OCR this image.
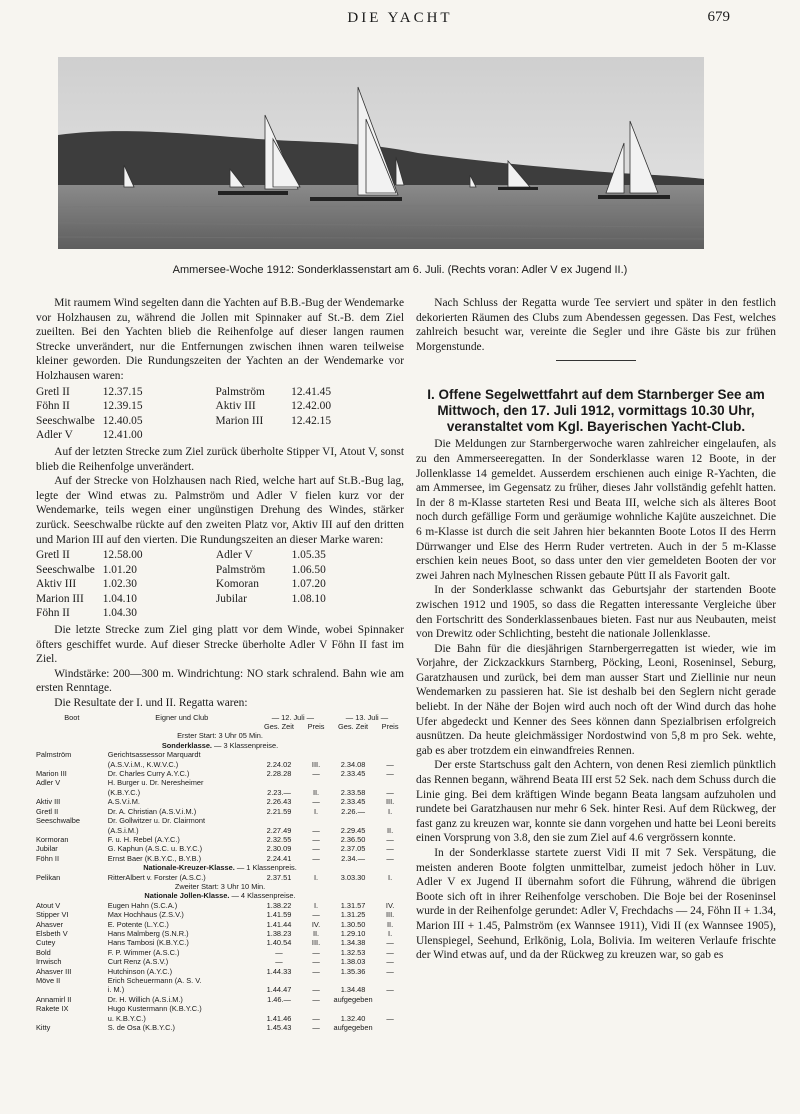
DIE YACHT	679
Ammersee-Woche 1912: Sonderklassenstart am 6. Juli. (Rechts voran: Adler V ex Jugend II.)

Mit raumem Wind segelten dann die Yachten auf B.B.-Bug der Wendemarke vor Holzhausen zu, während die Jollen mit Spinnaker auf St.-B. dem Ziel zueilten. Bei den Yachten blieb die Reihenfolge auf dieser langen raumen Strecke unverändert, nur die Entfernungen zwischen ihnen waren teilweise kleiner geworden. Die Rundungszeiten der Yachten an der Wendemarke vor Holzhausen waren:

Gretl II	12.37.15	Palmström	12.41.45
Föhn II	12.39.15	Aktiv III	12.42.00
Seeschwalbe	12.40.05	Marion III	12.42.15
Adler V	12.41.00		

Auf der letzten Strecke zum Ziel zurück überholte Stipper VI, Atout V, sonst blieb die Reihenfolge unverändert.

Auf der Strecke von Holzhausen nach Ried, welche hart auf St.B.-Bug lag, legte der Wind etwas zu. Palmström und Adler V fielen kurz vor der Wendemarke, teils wegen einer ungünstigen Drehung des Windes, stärker zurück. Seeschwalbe rückte auf den zweiten Platz vor, Aktiv III auf den dritten und Marion III auf den vierten. Die Rundungszeiten an dieser Marke waren:

Gretl II	12.58.00	Adler V	1.05.35
Seeschwalbe	1.01.20	Palmström	1.06.50
Aktiv III	1.02.30	Komoran	1.07.20
Marion III	1.04.10	Jubilar	1.08.10
Föhn II	1.04.30		

Die letzte Strecke zum Ziel ging platt vor dem Winde, wobei Spinnaker öfters geschiffet wurde. Auf dieser Strecke überholte Adler V Föhn II fast im Ziel.

Windstärke: 200—300 m. Windrichtung: NO stark schralend. Bahn wie am ersten Renntage.

Die Resultate der I. und II. Regatta waren:

Boot	Eigner und Club	— 12. Juli —		— 13. Juli —	
		Ges. Zeit	Preis	Ges. Zeit	Preis
Erster Start: 3 Uhr 05 Min.					
Sonderklasse. — 3 Klassenpreise.					
Palmström	Gerichtsassessor Marquardt				
	(A.S.V.i.M., K.W.V.C.)	2.24.02	III.	2.34.08	—
Marion III	Dr. Charles Curry A.Y.C.)	2.28.28	—	2.33.45	—
Adler V	H. Burger u. Dr. Neresheimer				
	(K.B.Y.C.)	2.23.—	II.	2.33.58	—
Aktiv III	A.S.V.i.M.	2.26.43	—	2.33.45	III.
Gretl II	Dr. A. Christian (A.S.V.i.M.)	2.21.59	I.	2.26.—	I.
Seeschwalbe	Dr. Gollwitzer u. Dr. Clairmont				
	(A.S.i.M.)	2.27.49	—	2.29.45	II.
Kormoran	F. u. H. Rebel (A.Y.C.)	2.32.55	—	2.36.50	—
Jubilar	G. Kaphun (A.S.C. u. B.Y.C.)	2.30.09	—	2.37.05	—
Föhn II	Ernst Baer (K.B.Y.C., B.Y.B.)	2.24.41	—	2.34.—	—
Nationale-Kreuzer-Klasse. — 1 Klassenpreis.					
Pelikan	RitterAlbert v. Forster (A.S.C.)	2.37.51	I.	3.03.30	I.
Zweiter Start: 3 Uhr 10 Min.					
Nationale Jollen-Klasse. — 4 Klassenpreise.					
Atout V	Eugen Hahn (S.C.A.)	1.38.22	I.	1.31.57	IV.
Stipper VI	Max Hochhaus (Z.S.V.)	1.41.59	—	1.31.25	III.
Ahasver	E. Potente (L.Y.C.)	1.41.44	IV.	1.30.50	II.
Elsbeth V	Hans Malmberg (S.N.R.)	1.38.23	II.	1.29.10	I.
Cutey	Hans Tambosi (K.B.Y.C.)	1.40.54	III.	1.34.38	—
Bold	F. P. Wimmer (A.S.C.)	—	—	1.32.53	—
Irrwisch	Curt Renz (A.S.V.)	—	—	1.38.03	—
Ahasver III	Hutchinson (A.Y.C.)	1.44.33	—	1.35.36	—
Möve II	Erich Scheuermann (A. S. V.				
	i. M.)	1.44.47	—	1.34.48	—
Annamirl II	Dr. H. Willich (A.S.i.M.)	1.46.—	—	aufgegeben	
Rakete IX	Hugo Kustermann (K.B.Y.C.)				
	u. K.B.Y.C.)	1.41.46	—	1.32.40	—
Kitty	S. de Osa (K.B.Y.C.)	1.45.43	—	aufgegeben	

Nach Schluss der Regatta wurde Tee serviert und später in den festlich dekorierten Räumen des Clubs zum Abendessen gegessen. Das Fest, welches zahlreich besucht war, vereinte die Segler und ihre Gäste bis zur frühen Morgenstunde.

I. Offene Segelwettfahrt auf dem Starnberger See am Mittwoch, den 17. Juli 1912, vormittags 10.30 Uhr, veranstaltet vom Kgl. Bayerischen Yacht-Club.

Die Meldungen zur Starnbergerwoche waren zahlreicher eingelaufen, als zu den Ammerseeregatten. In der Sonderklasse waren 12 Boote, in der Jollenklasse 14 gemeldet. Ausserdem erschienen auch einige R-Yachten, die am Ammersee, im Gegensatz zu früher, dieses Jahr vollständig gefehlt hatten. In der 8 m-Klasse starteten Resi und Beata III, welche sich als älteres Boot noch durch gefällige Form und geräumige wohnliche Kajüte auszeichnet. Die 6 m-Klasse ist durch die seit Jahren hier bekannten Boote Lotos II des Herrn Dürrwanger und Else des Herrn Ruder vertreten. Auch in der 5 m-Klasse erschien kein neues Boot, so dass unter den vier gemeldeten Booten der vor zwei Jahren nach Mylneschen Rissen gebaute Pütt II als Favorit galt.

In der Sonderklasse schwankt das Geburtsjahr der startenden Boote zwischen 1912 und 1905, so dass die Regatten interessante Vergleiche über den Fortschritt des Sonderklassenbaues bieten. Fast nur aus Neubauten, meist von Drewitz oder Schlichting, besteht die nationale Jollenklasse.

Die Bahn für die diesjährigen Starnbergerregatten ist wieder, wie im Vorjahre, der Zickzackkurs Starnberg, Pöcking, Leoni, Roseninsel, Seburg, Garatzhausen und zurück, bei dem man ausser Start und Ziellinie nur neun Wendemarken zu passieren hat. Sie ist deshalb bei den Seglern nicht gerade beliebt. In der Nähe der Bojen wird auch noch oft der Wind durch das hohe Ufer abgedeckt und Kenner des Sees können dann Spezialbrisen erfolgreich ausnützen. Da heute gleichmässiger Nordostwind von 5,8 m pro Sek. wehte, gab es aber trotzdem ein einwandfreies Rennen.

Der erste Startschuss galt den Achtern, von denen Resi ziemlich pünktlich das Rennen begann, während Beata III erst 52 Sek. nach dem Schuss durch die Linie ging. Bei dem kräftigen Winde begann Beata langsam aufzuholen und rundete bei Garatzhausen nur mehr 6 Sek. hinter Resi. Auf dem Rückweg, der fast ganz zu kreuzen war, konnte sie dann vorgehen und hatte bei Leoni bereits einen Vorsprung von 3.8, den sie zum Ziel auf 4.6 vergrössern konnte.

In der Sonderklasse startete zuerst Vidi II mit 7 Sek. Verspätung, die meisten anderen Boote folgten unmittelbar, zumeist jedoch höher in Luv. Adler V ex Jugend II übernahm sofort die Führung, während die übrigen Boote sich oft in ihrer Reihenfolge verschoben. Die Boje bei der Roseninsel wurde in der Reihenfolge gerundet: Adler V, Frechdachs — 24, Föhn II + 1.34, Marion III + 1.45, Palmström (ex Wannsee 1911), Vidi II (ex Wannsee 1905), Ulenspiegel, Seehund, Erlkönig, Lola, Bolivia. Im weiteren Verlaufe frischte der Wind etwas auf, und da der Rückweg zu kreuzen war, so gab es
